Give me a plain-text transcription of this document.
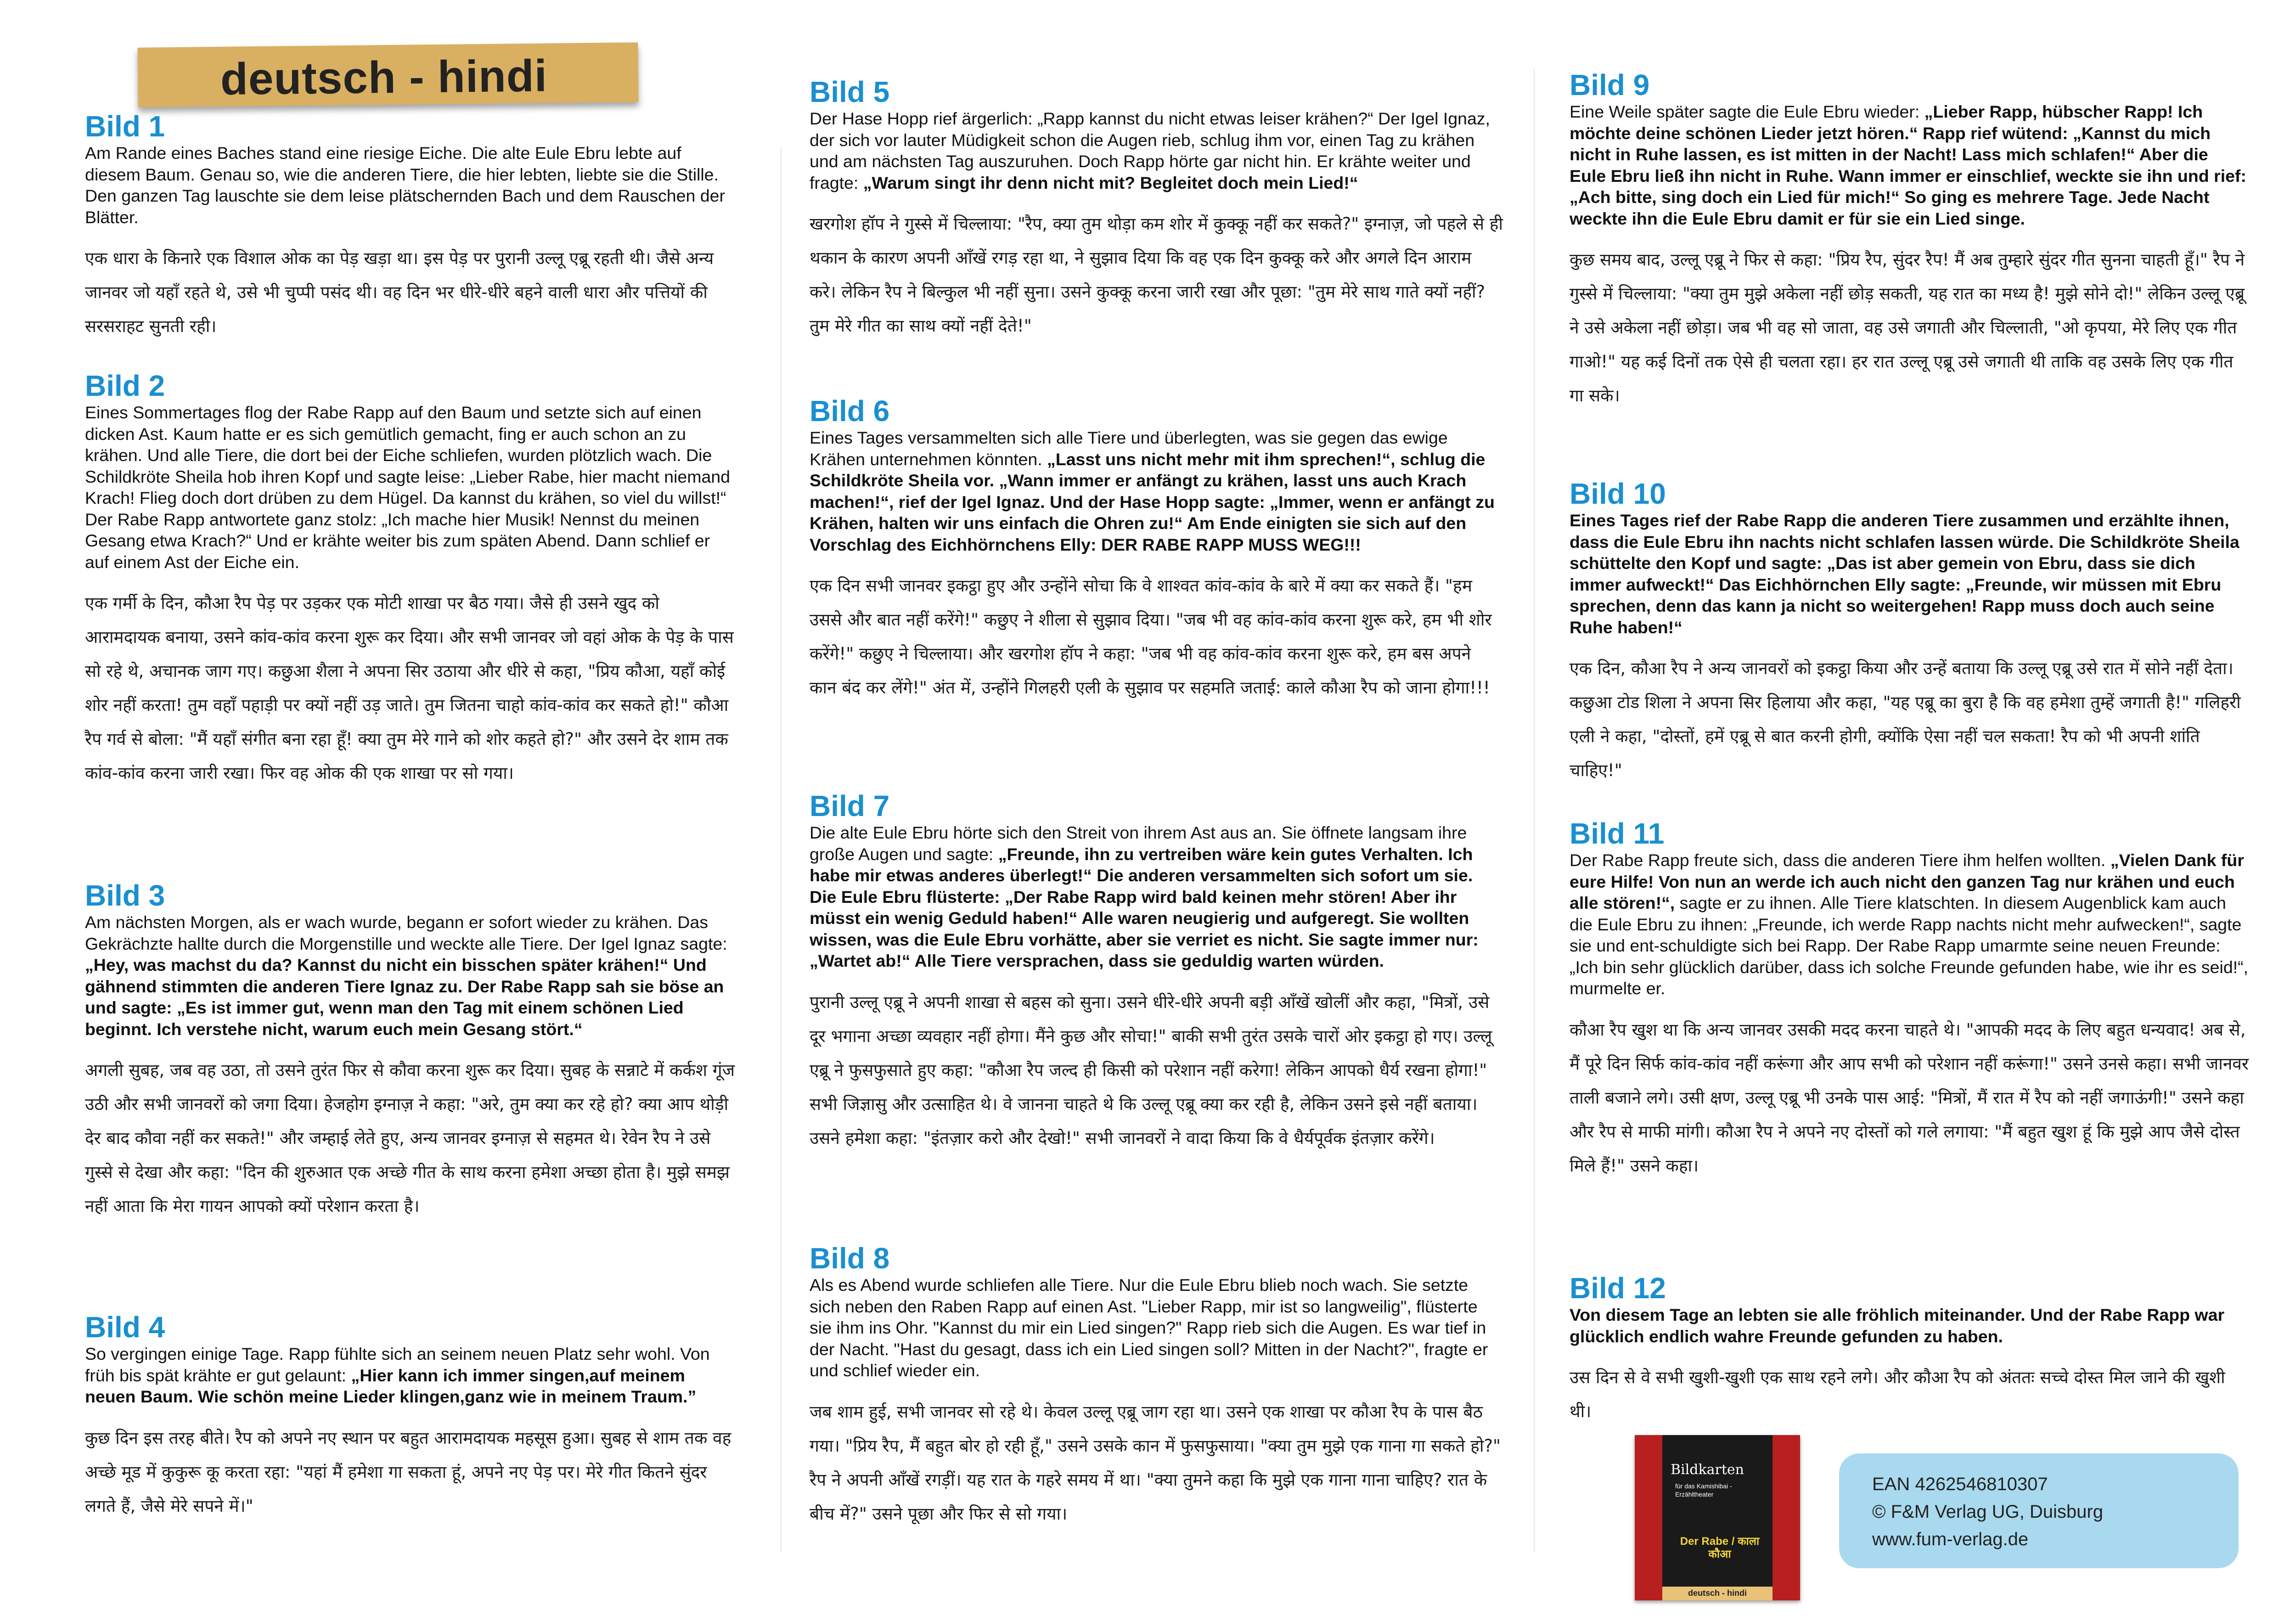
deutsch - hindi
Bild 1

Am Rande eines Baches stand eine riesige Eiche. Die alte Eule Ebru lebte auf diesem Baum. Genau so, wie die anderen Tiere, die hier lebten, liebte sie die Stille. Den ganzen Tag lauschte sie dem leise plätschernden Bach und dem Rauschen der Blätter.

एक धारा के किनारे एक विशाल ओक का पेड़ खड़ा था। इस पेड़ पर पुरानी उल्लू एब्रू रहती थी। जैसे अन्य जानवर जो यहाँ रहते थे, उसे भी चुप्पी पसंद थी। वह दिन भर धीरे-धीरे बहने वाली धारा और पत्तियों की सरसराहट सुनती रही।

Bild 2

Eines Sommertages flog der Rabe Rapp auf den Baum und setzte sich auf einen dicken Ast. Kaum hatte er es sich gemütlich gemacht, fing er auch schon an zu krähen. Und alle Tiere, die dort bei der Eiche schliefen, wurden plötzlich wach. Die Schildkröte Sheila hob ihren Kopf und sagte leise: „Lieber Rabe, hier macht niemand Krach! Flieg doch dort drüben zu dem Hügel. Da kannst du krähen, so viel du willst!“ Der Rabe Rapp antwortete ganz stolz: „Ich mache hier Musik! Nennst du meinen Gesang etwa Krach?“ Und er krähte weiter bis zum späten Abend. Dann schlief er auf einem Ast der Eiche ein.

एक गर्मी के दिन, कौआ रैप पेड़ पर उड़कर एक मोटी शाखा पर बैठ गया। जैसे ही उसने खुद को आरामदायक बनाया, उसने कांव-कांव करना शुरू कर दिया। और सभी जानवर जो वहां ओक के पेड़ के पास सो रहे थे, अचानक जाग गए। कछुआ शैला ने अपना सिर उठाया और धीरे से कहा, "प्रिय कौआ, यहाँ कोई शोर नहीं करता! तुम वहाँ पहाड़ी पर क्यों नहीं उड़ जाते। तुम जितना चाहो कांव-कांव कर सकते हो!" कौआ रैप गर्व से बोला: "मैं यहाँ संगीत बना रहा हूँ! क्या तुम मेरे गाने को शोर कहते हो?" और उसने देर शाम तक कांव-कांव करना जारी रखा। फिर वह ओक की एक शाखा पर सो गया।

Bild 3

Am nächsten Morgen, als er wach wurde, begann er sofort wieder zu krähen. Das Gekrächzte hallte durch die Morgenstille und weckte alle Tiere. Der Igel Ignaz sagte: „Hey, was machst du da? Kannst du nicht ein bisschen später krähen!“ Und gähnend stimmten die anderen Tiere Ignaz zu. Der Rabe Rapp sah sie böse an und sagte: „Es ist immer gut, wenn man den Tag mit einem schönen Lied beginnt. Ich verstehe nicht, warum euch mein Gesang stört.“

अगली सुबह, जब वह उठा, तो उसने तुरंत फिर से कौवा करना शुरू कर दिया। सुबह के सन्नाटे में कर्कश गूंज उठी और सभी जानवरों को जगा दिया। हेजहोग इग्नाज़ ने कहा: "अरे, तुम क्या कर रहे हो? क्या आप थोड़ी देर बाद कौवा नहीं कर सकते!" और जम्हाई लेते हुए, अन्य जानवर इग्नाज़ से सहमत थे। रेवेन रैप ने उसे गुस्से से देखा और कहा: "दिन की शुरुआत एक अच्छे गीत के साथ करना हमेशा अच्छा होता है। मुझे समझ नहीं आता कि मेरा गायन आपको क्यों परेशान करता है।

Bild 4

So vergingen einige Tage. Rapp fühlte sich an seinem neuen Platz sehr wohl. Von früh bis spät krähte er gut gelaunt: „Hier kann ich immer singen,auf meinem neuen Baum. Wie schön meine Lieder klingen,ganz wie in meinem Traum.”

कुछ दिन इस तरह बीते। रैप को अपने नए स्थान पर बहुत आरामदायक महसूस हुआ। सुबह से शाम तक वह अच्छे मूड में कुकुरू कू करता रहा: "यहां मैं हमेशा गा सकता हूं, अपने नए पेड़ पर। मेरे गीत कितने सुंदर लगते हैं, जैसे मेरे सपने में।"

Bild 5

Der Hase Hopp rief ärgerlich: „Rapp kannst du nicht etwas leiser krähen?“ Der Igel Ignaz, der sich vor lauter Müdigkeit schon die Augen rieb, schlug ihm vor, einen Tag zu krähen und am nächsten Tag auszuruhen. Doch Rapp hörte gar nicht hin. Er krähte weiter und fragte: „Warum singt ihr denn nicht mit? Begleitet doch mein Lied!“

खरगोश हॉप ने गुस्से में चिल्लाया: "रैप, क्या तुम थोड़ा कम शोर में कुक्कू नहीं कर सकते?" इग्नाज़, जो पहले से ही थकान के कारण अपनी आँखें रगड़ रहा था, ने सुझाव दिया कि वह एक दिन कुक्कू करे और अगले दिन आराम करे। लेकिन रैप ने बिल्कुल भी नहीं सुना। उसने कुक्कू करना जारी रखा और पूछा: "तुम मेरे साथ गाते क्यों नहीं? तुम मेरे गीत का साथ क्यों नहीं देते!"

Bild 6

Eines Tages versammelten sich alle Tiere und überlegten, was sie gegen das ewige Krähen unternehmen könnten. „Lasst uns nicht mehr mit ihm sprechen!“, schlug die Schildkröte Sheila vor. „Wann immer er anfängt zu krähen, lasst uns auch Krach machen!“, rief der Igel Ignaz. Und der Hase Hopp sagte: „Immer, wenn er anfängt zu Krähen, halten wir uns einfach die Ohren zu!“ Am Ende einigten sie sich auf den Vorschlag des Eichhörnchens Elly: DER RABE RAPP MUSS WEG!!!

एक दिन सभी जानवर इकट्ठा हुए और उन्होंने सोचा कि वे शाश्वत कांव-कांव के बारे में क्या कर सकते हैं। "हम उससे और बात नहीं करेंगे!" कछुए ने शीला से सुझाव दिया। "जब भी वह कांव-कांव करना शुरू करे, हम भी शोर करेंगे!" कछुए ने चिल्लाया। और खरगोश हॉप ने कहा: "जब भी वह कांव-कांव करना शुरू करे, हम बस अपने कान बंद कर लेंगे!" अंत में, उन्होंने गिलहरी एली के सुझाव पर सहमति जताई: काले कौआ रैप को जाना होगा!!!

Bild 7

Die alte Eule Ebru hörte sich den Streit von ihrem Ast aus an. Sie öffnete langsam ihre große Augen und sagte: „Freunde, ihn zu vertreiben wäre kein gutes Verhalten. Ich habe mir etwas anderes überlegt!“ Die anderen versammelten sich sofort um sie. Die Eule Ebru flüsterte: „Der Rabe Rapp wird bald keinen mehr stören! Aber ihr müsst ein wenig Geduld haben!“ Alle waren neugierig und aufgeregt. Sie wollten wissen, was die Eule Ebru vorhätte, aber sie verriet es nicht. Sie sagte immer nur: „Wartet ab!“ Alle Tiere versprachen, dass sie geduldig warten würden.

पुरानी उल्लू एब्रू ने अपनी शाखा से बहस को सुना। उसने धीरे-धीरे अपनी बड़ी आँखें खोलीं और कहा, "मित्रों, उसे दूर भगाना अच्छा व्यवहार नहीं होगा। मैंने कुछ और सोचा!" बाकी सभी तुरंत उसके चारों ओर इकट्ठा हो गए। उल्लू एब्रू ने फुसफुसाते हुए कहा: "कौआ रैप जल्द ही किसी को परेशान नहीं करेगा! लेकिन आपको धैर्य रखना होगा!" सभी जिज्ञासु और उत्साहित थे। वे जानना चाहते थे कि उल्लू एब्रू क्या कर रही है, लेकिन उसने इसे नहीं बताया। उसने हमेशा कहा: "इंतज़ार करो और देखो!" सभी जानवरों ने वादा किया कि वे धैर्यपूर्वक इंतज़ार करेंगे।

Bild 8

Als es Abend wurde schliefen alle Tiere. Nur die Eule Ebru blieb noch wach. Sie setzte sich neben den Raben Rapp auf einen Ast. "Lieber Rapp, mir ist so langweilig", flüsterte sie ihm ins Ohr. "Kannst du mir ein Lied singen?" Rapp rieb sich die Augen. Es war tief in der Nacht. "Hast du gesagt, dass ich ein Lied singen soll? Mitten in der Nacht?", fragte er und schlief wieder ein.

जब शाम हुई, सभी जानवर सो रहे थे। केवल उल्लू एब्रू जाग रहा था। उसने एक शाखा पर कौआ रैप के पास बैठ गया। "प्रिय रैप, मैं बहुत बोर हो रही हूँ," उसने उसके कान में फुसफुसाया। "क्या तुम मुझे एक गाना गा सकते हो?" रैप ने अपनी आँखें रगड़ीं। यह रात के गहरे समय में था। "क्या तुमने कहा कि मुझे एक गाना गाना चाहिए? रात के बीच में?" उसने पूछा और फिर से सो गया।

Bild 9

Eine Weile später sagte die Eule Ebru wieder: „Lieber Rapp, hübscher Rapp! Ich möchte deine schönen Lieder jetzt hören.“ Rapp rief wütend: „Kannst du mich nicht in Ruhe lassen, es ist mitten in der Nacht! Lass mich schlafen!“ Aber die Eule Ebru ließ ihn nicht in Ruhe. Wann immer er einschlief, weckte sie ihn und rief: „Ach bitte, sing doch ein Lied für mich!“ So ging es mehrere Tage. Jede Nacht weckte ihn die Eule Ebru damit er für sie ein Lied singe.

कुछ समय बाद, उल्लू एब्रू ने फिर से कहा: "प्रिय रैप, सुंदर रैप! मैं अब तुम्हारे सुंदर गीत सुनना चाहती हूँ।" रैप ने गुस्से में चिल्लाया: "क्या तुम मुझे अकेला नहीं छोड़ सकती, यह रात का मध्य है! मुझे सोने दो!" लेकिन उल्लू एब्रू ने उसे अकेला नहीं छोड़ा। जब भी वह सो जाता, वह उसे जगाती और चिल्लाती, "ओ कृपया, मेरे लिए एक गीत गाओ!" यह कई दिनों तक ऐसे ही चलता रहा। हर रात उल्लू एब्रू उसे जगाती थी ताकि वह उसके लिए एक गीत गा सके।

Bild 10

Eines Tages rief der Rabe Rapp die anderen Tiere zusammen und erzählte ihnen, dass die Eule Ebru ihn nachts nicht schlafen lassen würde. Die Schildkröte Sheila schüttelte den Kopf und sagte: „Das ist aber gemein von Ebru, dass sie dich immer aufweckt!“ Das Eichhörnchen Elly sagte: „Freunde, wir müssen mit Ebru sprechen, denn das kann ja nicht so weitergehen! Rapp muss doch auch seine Ruhe haben!“

एक दिन, कौआ रैप ने अन्य जानवरों को इकट्ठा किया और उन्हें बताया कि उल्लू एब्रू उसे रात में सोने नहीं देता। कछुआ टोड शिला ने अपना सिर हिलाया और कहा, "यह एब्रू का बुरा है कि वह हमेशा तुम्हें जगाती है!" गलिहरी एली ने कहा, "दोस्तों, हमें एब्रू से बात करनी होगी, क्योंकि ऐसा नहीं चल सकता! रैप को भी अपनी शांति चाहिए!"

Bild 11

Der Rabe Rapp freute sich, dass die anderen Tiere ihm helfen wollten. „Vielen Dank für eure Hilfe! Von nun an werde ich auch nicht den ganzen Tag nur krähen und euch alle stören!“, sagte er zu ihnen. Alle Tiere klatschten. In diesem Augenblick kam auch die Eule Ebru zu ihnen: „Freunde, ich werde Rapp nachts nicht mehr aufwecken!“, sagte sie und ent-schuldigte sich bei Rapp. Der Rabe Rapp umarmte seine neuen Freunde: „Ich bin sehr glücklich darüber, dass ich solche Freunde gefunden habe, wie ihr es seid!“, murmelte er.

कौआ रैप खुश था कि अन्य जानवर उसकी मदद करना चाहते थे। "आपकी मदद के लिए बहुत धन्यवाद! अब से, मैं पूरे दिन सिर्फ कांव-कांव नहीं करूंगा और आप सभी को परेशान नहीं करूंगा!" उसने उनसे कहा। सभी जानवर ताली बजाने लगे। उसी क्षण, उल्लू एब्रू भी उनके पास आई: "मित्रों, मैं रात में रैप को नहीं जगाऊंगी!" उसने कहा और रैप से माफी मांगी। कौआ रैप ने अपने नए दोस्तों को गले लगाया: "मैं बहुत खुश हूं कि मुझे आप जैसे दोस्त मिले हैं!" उसने कहा।

Bild 12

Von diesem Tage an lebten sie alle fröhlich miteinander. Und der Rabe Rapp war glücklich endlich wahre Freunde gefunden zu haben.

उस दिन से वे सभी खुशी-खुशी एक साथ रहने लगे। और कौआ रैप को अंततः सच्चे दोस्त मिल जाने की खुशी थी।

Bildkarten
für das Kamishibai - Erzähltheater
Der Rabe / काला कौआ
deutsch - hindi

EAN 4262546810307

© F&M Verlag UG, Duisburg

www.fum-verlag.de
